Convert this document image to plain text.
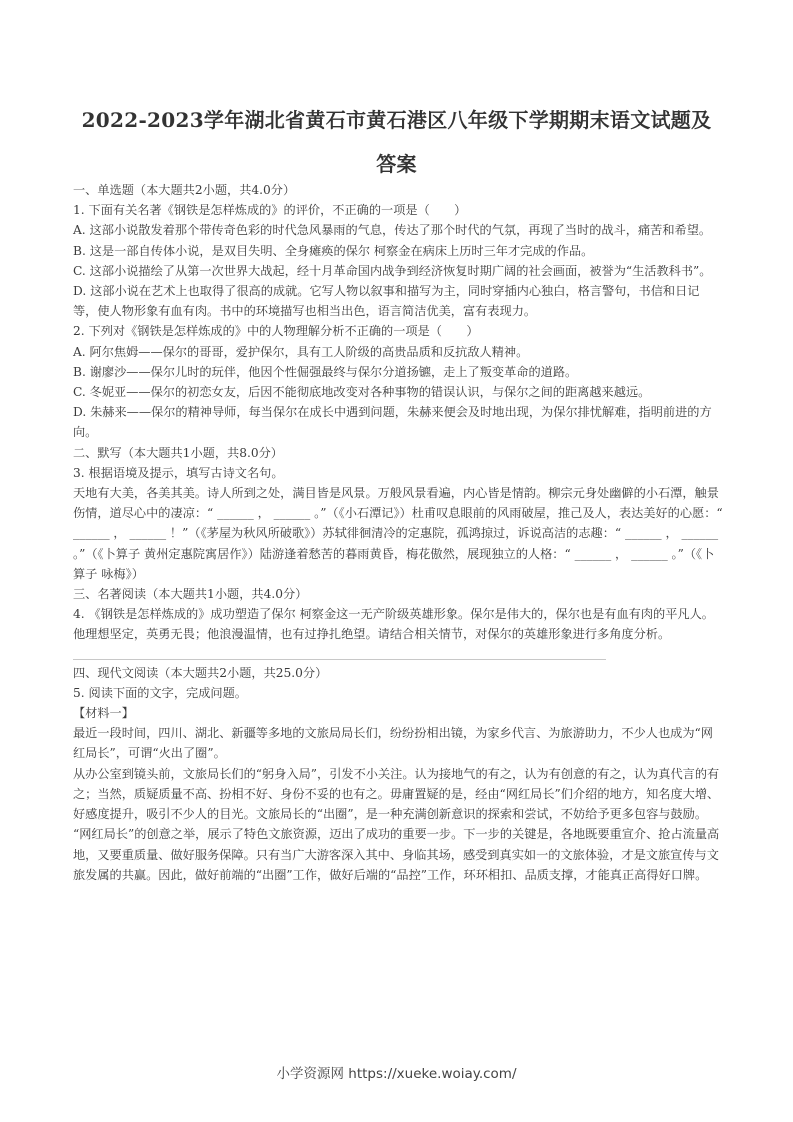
2022-2023学年湖北省黄石市黄石港区八年级下学期期末语文试题及
答案

一、单选题（本大题共2小题，共4.0分）

1. 下面有关名著《钢铁是怎样炼成的》的评价，不正确的一项是（　　）

A. 这部小说散发着那个带传奇色彩的时代急风暴雨的气息，传达了那个时代的气氛，再现了当时的战斗，痛苦和希望。

B. 这是一部自传体小说，是双目失明、全身瘫痪的保尔 柯察金在病床上历时三年才完成的作品。

C. 这部小说描绘了从第一次世界大战起，经十月革命国内战争到经济恢复时期广阔的社会画面，被誉为“生活教科书”。

D. 这部小说在艺术上也取得了很高的成就。它写人物以叙事和描写为主，同时穿插内心独白，格言警句，书信和日记等，使人物形象有血有肉。书中的环境描写也相当出色，语言简洁优美，富有表现力。

2. 下列对《钢铁是怎样炼成的》中的人物理解分析不正确的一项是（　　）

A. 阿尔焦姆——保尔的哥哥，爱护保尔，具有工人阶级的高贵品质和反抗敌人精神。

B. 谢廖沙——保尔儿时的玩伴，他因个性倔强最终与保尔分道扬镳，走上了叛变革命的道路。

C. 冬妮亚——保尔的初恋女友，后因不能彻底地改变对各种事物的错误认识，与保尔之间的距离越来越远。

D. 朱赫来——保尔的精神导师，每当保尔在成长中遇到问题，朱赫来便会及时地出现，为保尔排忧解难，指明前进的方向。

二、默写（本大题共1小题，共8.0分）

3. 根据语境及提示，填写古诗文名句。

天地有大美，各美其美。诗人所到之处，满目皆是风景。万般风景看遍，内心皆是情韵。柳宗元身处幽僻的小石潭，触景伤情，道尽心中的凄凉：“ ______ ， ______ 。”（《小石潭记》）杜甫叹息眼前的风雨破屋，推己及人，表达美好的心愿：“ ______ ， ______ ！”（《茅屋为秋风所破歌》）苏轼徘徊清冷的定惠院，孤鸿掠过，诉说高洁的志趣：“ ______ ， ______ 。”（《卜算子 黄州定惠院寓居作》）陆游逢着愁苦的暮雨黄昏，梅花傲然，展现独立的人格：“ ______ ， ______ 。”（《卜算子 咏梅》）

三、名著阅读（本大题共1小题，共4.0分）

4. 《钢铁是怎样炼成的》成功塑造了保尔 柯察金这一无产阶级英雄形象。保尔是伟大的，保尔也是有血有肉的平凡人。他理想坚定，英勇无畏；他浪漫温情，也有过挣扎绝望。请结合相关情节，对保尔的英雄形象进行多角度分析。

四、现代文阅读（本大题共2小题，共25.0分）

5. 阅读下面的文字，完成问题。

【材料一】

最近一段时间，四川、湖北、新疆等多地的文旅局局长们，纷纷扮相出镜，为家乡代言、为旅游助力，不少人也成为“网红局长”，可谓“火出了圈”。

从办公室到镜头前，文旅局长们的“躬身入局”，引发不小关注。认为接地气的有之，认为有创意的有之，认为真代言的有之；当然，质疑质量不高、扮相不好、身份不妥的也有之。毋庸置疑的是，经由“网红局长”们介绍的地方，知名度大增、好感度提升，吸引不少人的目光。文旅局长的“出圈”，是一种充满创新意识的探索和尝试，不妨给予更多包容与鼓励。

“网红局长”的创意之举，展示了特色文旅资源，迈出了成功的重要一步。下一步的关键是，各地既要重宣介、抢占流量高地，又要重质量、做好服务保障。只有当广大游客深入其中、身临其场，感受到真实如一的文旅体验，才是文旅宣传与文旅发属的共赢。因此，做好前端的“出圈”工作，做好后端的“品控”工作，环环相扣、品质支撑，才能真正高得好口牌。

小学资源网 https://xueke.woiay.com/
